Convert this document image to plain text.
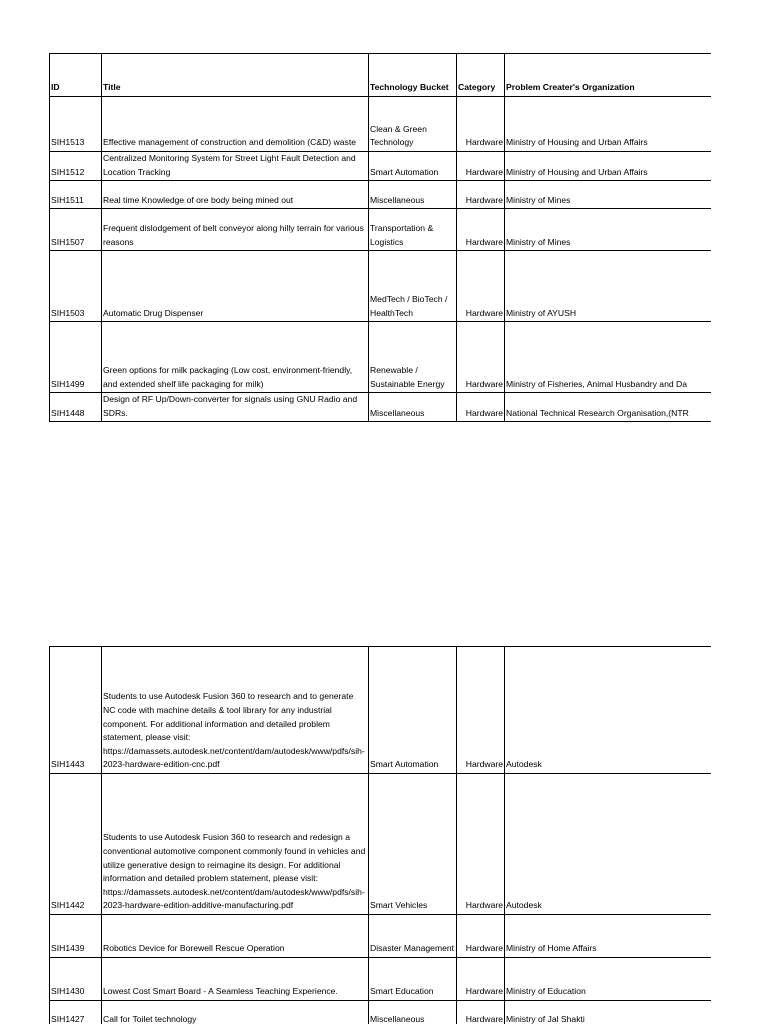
ID	Title	Technology Bucket	Category	Problem Creater's Organization
SIH1513	Effective management of construction and demolition (C&D) waste	Clean & Green Technology	Hardware	Ministry of Housing and Urban Affairs
SIH1512	Centralized Monitoring System for Street Light Fault Detection and Location Tracking	Smart Automation	Hardware	Ministry of Housing and Urban Affairs
SIH1511	Real time Knowledge of ore body being mined out	Miscellaneous	Hardware	Ministry of Mines
SIH1507	Frequent dislodgement of belt conveyor along hilly terrain for various reasons	Transportation & Logistics	Hardware	Ministry of Mines
SIH1503	Automatic Drug Dispenser	MedTech / BioTech / HealthTech	Hardware	Ministry of AYUSH
SIH1499	Green options for milk packaging (Low cost, environment-friendly, and extended shelf life packaging for milk)	Renewable / Sustainable Energy	Hardware	Ministry of Fisheries, Animal Husbandry and Da
SIH1448	Design of RF Up/Down-converter for signals using GNU Radio and SDRs.	Miscellaneous	Hardware	National Technical Research Organisation,(NTR
SIH1443	Students to use Autodesk Fusion 360 to research and to generate NC code with machine details & tool library for any industrial component. For additional information and detailed problem statement, please visit: https://damassets.autodesk.net/content/dam/autodesk/www/pdfs/sih-2023-hardware-edition-cnc.pdf	Smart Automation	Hardware	Autodesk
SIH1442	Students to use Autodesk Fusion 360 to research and redesign a conventional automotive component commonly found in vehicles and utilize generative design to reimagine its design. For additional information and detailed problem statement, please visit: https://damassets.autodesk.net/content/dam/autodesk/www/pdfs/sih-2023-hardware-edition-additive-manufacturing.pdf	Smart Vehicles	Hardware	Autodesk
SIH1439	Robotics Device for Borewell Rescue Operation	Disaster Management	Hardware	Ministry of Home Affairs
SIH1430	Lowest Cost Smart Board - A Seamless Teaching Experience.	Smart Education	Hardware	Ministry of Education
SIH1427	Call for Toilet technology	Miscellaneous	Hardware	Ministry of Jal Shakti
